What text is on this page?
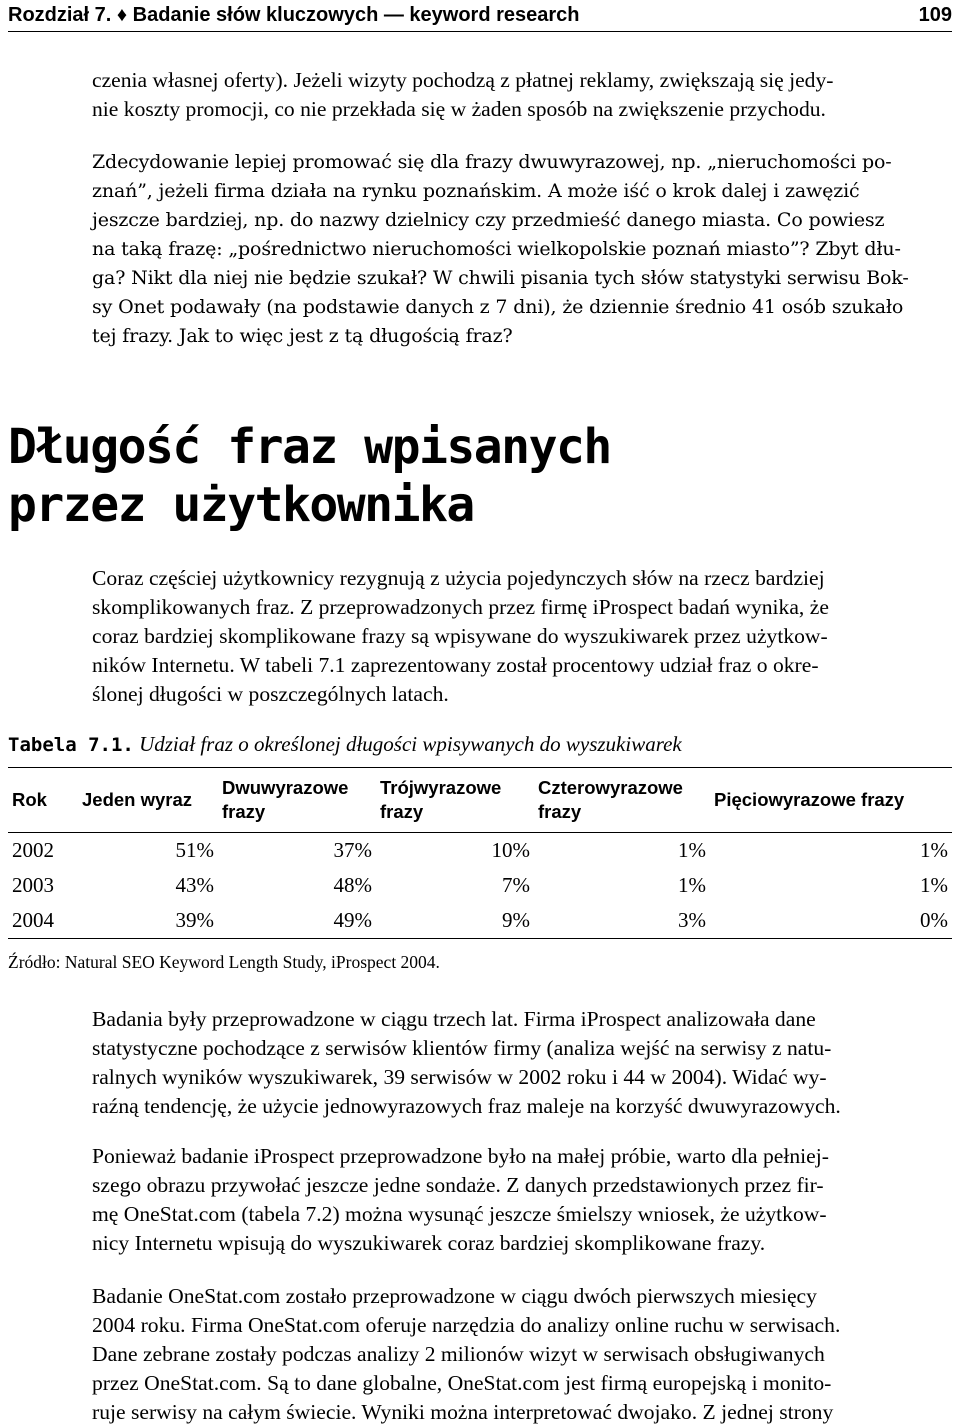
Rozdział 7. ♦ Badanie słów kluczowych — keyword research	109

czenia własnej oferty). Jeżeli wizyty pochodzą z płatnej reklamy, zwiększają się jedy-
nie koszty promocji, co nie przekłada się w żaden sposób na zwiększenie przychodu.

Zdecydowanie lepiej promować się dla frazy dwuwyrazowej, np. „nieruchomości po-
znań”, jeżeli firma działa na rynku poznańskim. A może iść o krok dalej i zawęzić
jeszcze bardziej, np. do nazwy dzielnicy czy przedmieść danego miasta. Co powiesz
na taką frazę: „pośrednictwo nieruchomości wielkopolskie poznań miasto”? Zbyt dłu-
ga? Nikt dla niej nie będzie szukał? W chwili pisania tych słów statystyki serwisu Bok-
sy Onet podawały (na podstawie danych z 7 dni), że dziennie średnio 41 osób szukało
tej frazy. Jak to więc jest z tą długością fraz?

Długość fraz wpisanych
przez użytkownika

Coraz częściej użytkownicy rezygnują z użycia pojedynczych słów na rzecz bardziej
skomplikowanych fraz. Z przeprowadzonych przez firmę iProspect badań wynika, że
coraz bardziej skomplikowane frazy są wpisywane do wyszukiwarek przez użytkow-
ników Internetu. W tabeli 7.1 zaprezentowany został procentowy udział fraz o okre-
ślonej długości w poszczególnych latach.

Tabela 7.1. Udział fraz o określonej długości wpisywanych do wyszukiwarek
Rok	Jeden wyraz	Dwuwyrazowe frazy	Trójwyrazowe frazy	Czterowyrazowe frazy	Pięciowyrazowe frazy
2002	51%	37%	10%	1%	1%
2003	43%	48%	7%	1%	1%
2004	39%	49%	9%	3%	0%
Źródło: Natural SEO Keyword Length Study, iProspect 2004.

Badania były przeprowadzone w ciągu trzech lat. Firma iProspect analizowała dane
statystyczne pochodzące z serwisów klientów firmy (analiza wejść na serwisy z natu-
ralnych wyników wyszukiwarek, 39 serwisów w 2002 roku i 44 w 2004). Widać wy-
raźną tendencję, że użycie jednowyrazowych fraz maleje na korzyść dwuwyrazowych.

Ponieważ badanie iProspect przeprowadzone było na małej próbie, warto dla pełniej-
szego obrazu przywołać jeszcze jedne sondaże. Z danych przedstawionych przez fir-
mę OneStat.com (tabela 7.2) można wysunąć jeszcze śmielszy wniosek, że użytkow-
nicy Internetu wpisują do wyszukiwarek coraz bardziej skomplikowane frazy.

Badanie OneStat.com zostało przeprowadzone w ciągu dwóch pierwszych miesięcy
2004 roku. Firma OneStat.com oferuje narzędzia do analizy online ruchu w serwisach.
Dane zebrane zostały podczas analizy 2 milionów wizyt w serwisach obsługiwanych
przez OneStat.com. Są to dane globalne, OneStat.com jest firmą europejską i monito-
ruje serwisy na całym świecie. Wyniki można interpretować dwojako. Z jednej strony
